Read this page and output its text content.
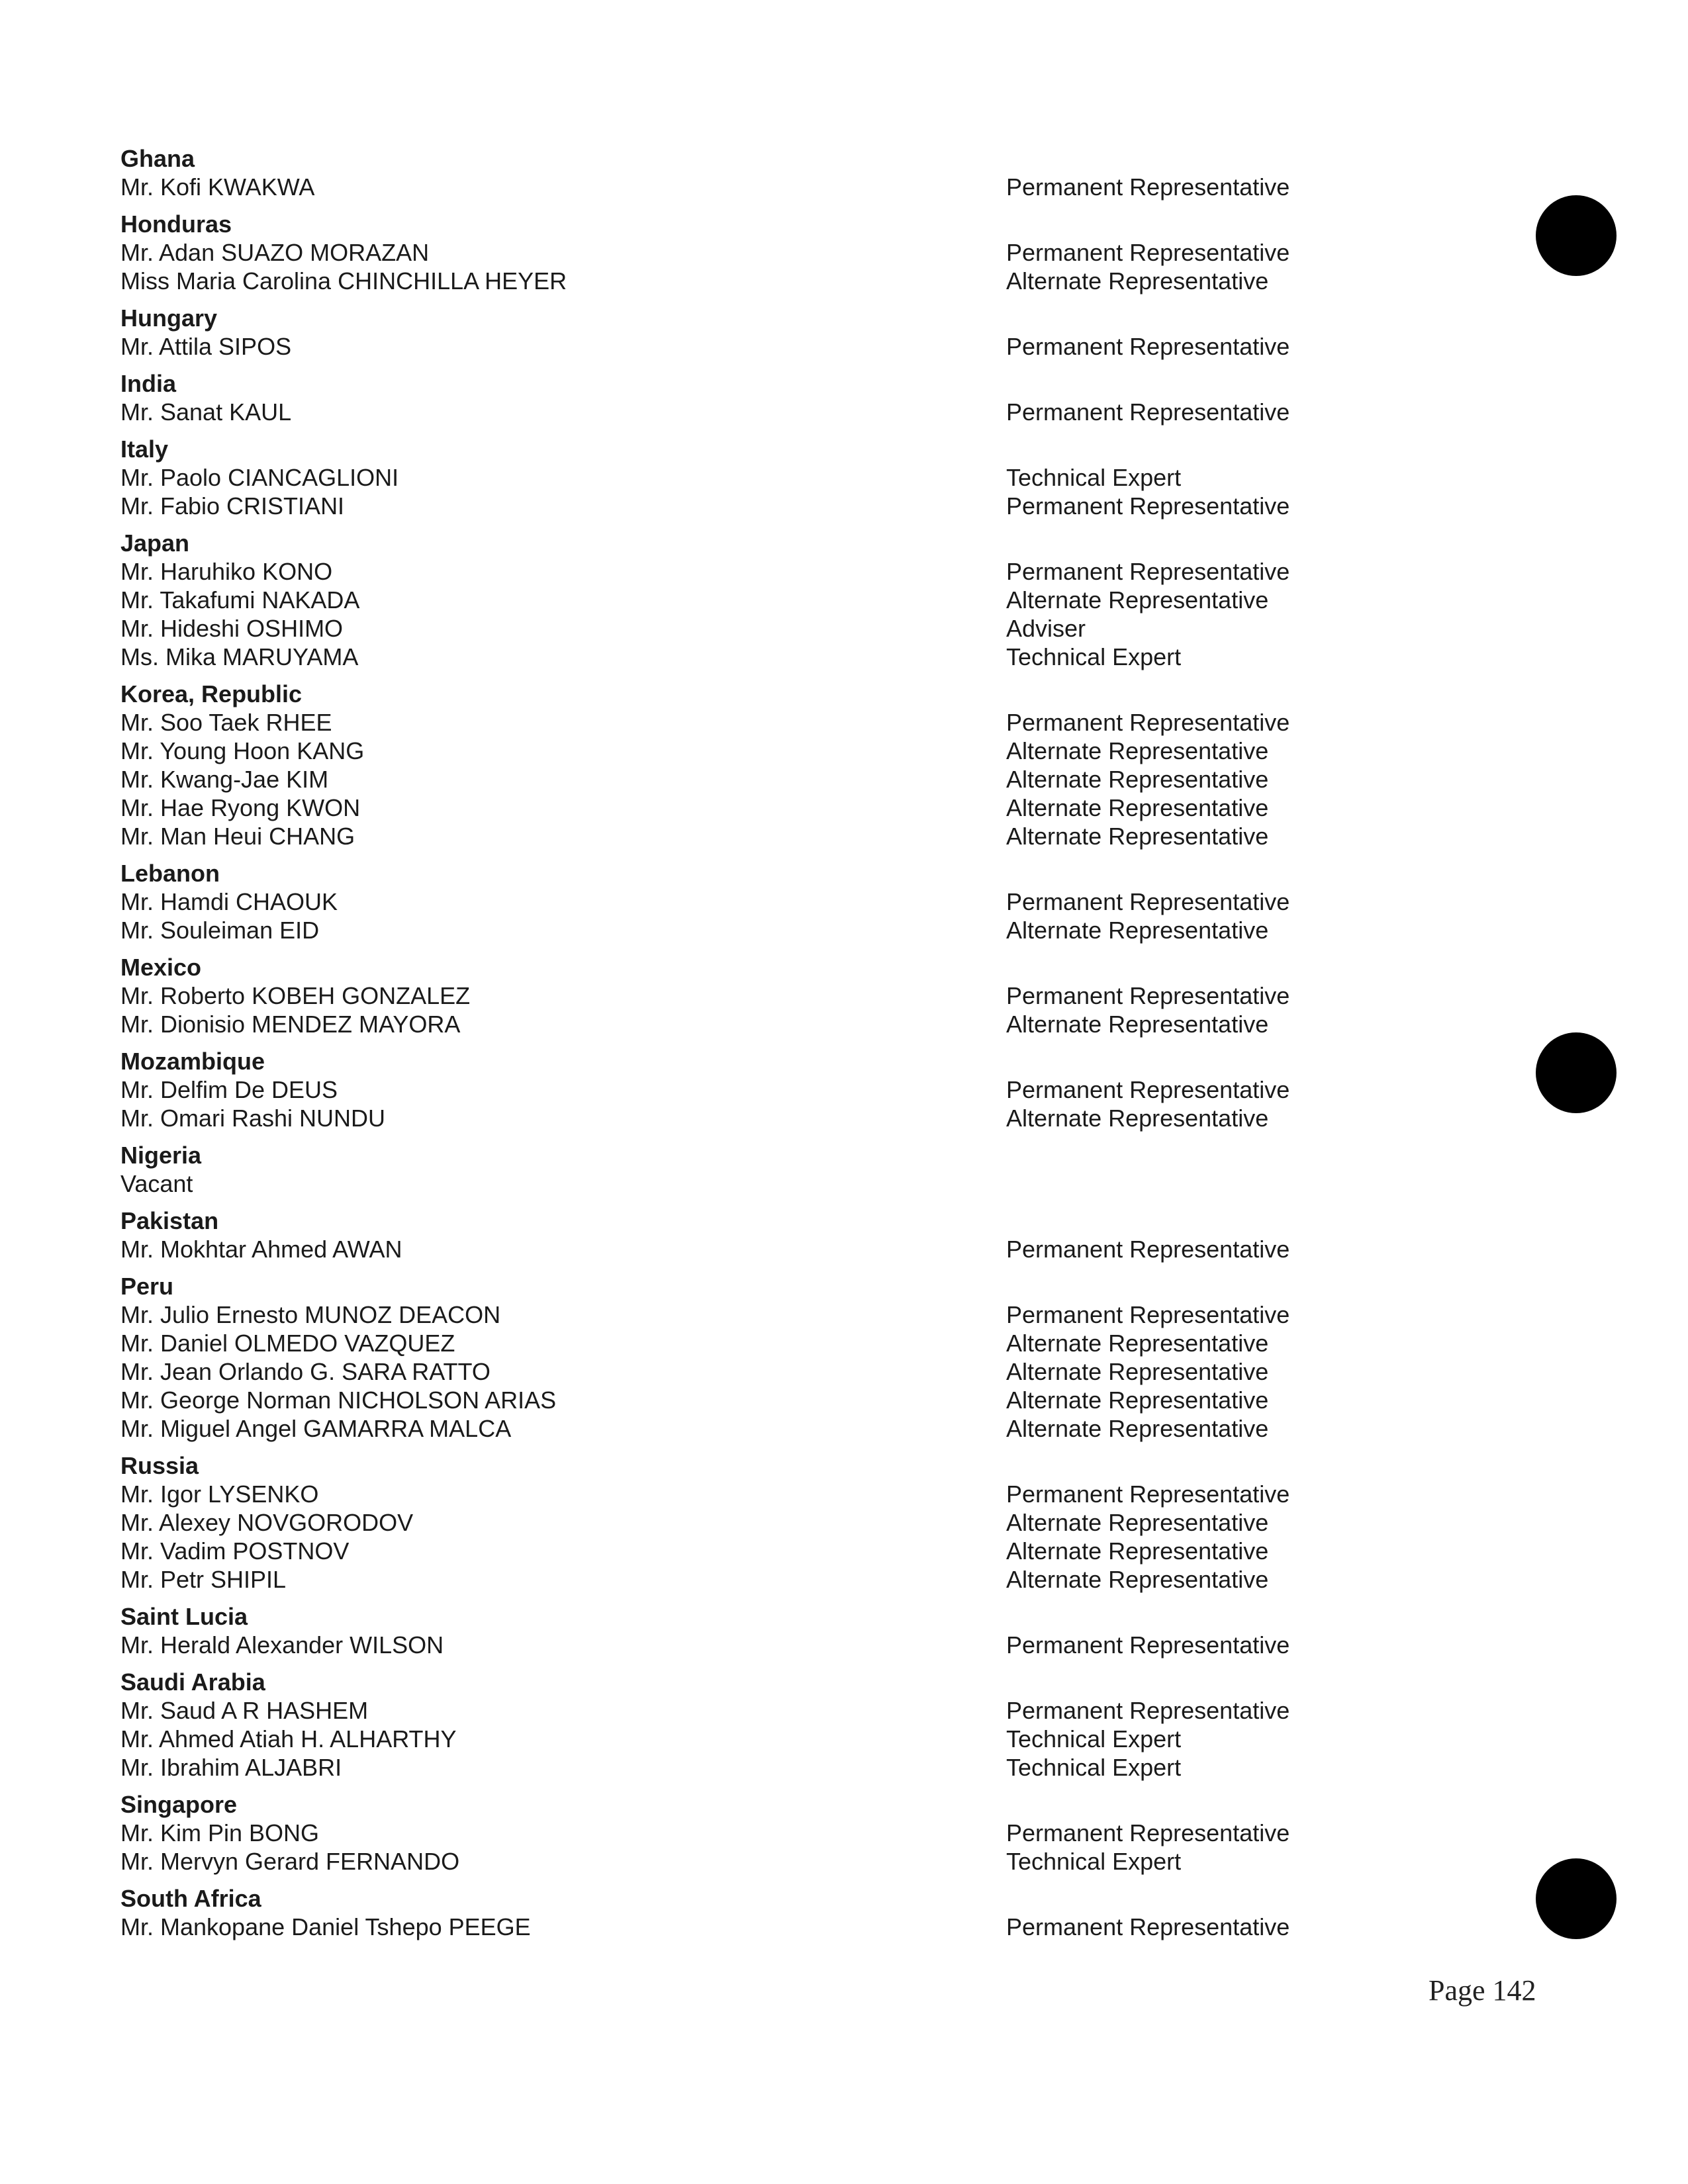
Ghana
Mr. Kofi KWAKWA	Permanent Representative
Honduras
Mr. Adan SUAZO MORAZAN	Permanent Representative
Miss Maria Carolina CHINCHILLA HEYER	Alternate Representative
Hungary
Mr. Attila SIPOS	Permanent Representative
India
Mr. Sanat KAUL	Permanent Representative
Italy
Mr. Paolo CIANCAGLIONI	Technical Expert
Mr. Fabio CRISTIANI	Permanent Representative
Japan
Mr. Haruhiko KONO	Permanent Representative
Mr. Takafumi NAKADA	Alternate Representative
Mr. Hideshi OSHIMO	Adviser
Ms. Mika MARUYAMA	Technical Expert
Korea, Republic
Mr. Soo Taek RHEE	Permanent Representative
Mr. Young Hoon KANG	Alternate Representative
Mr. Kwang-Jae KIM	Alternate Representative
Mr. Hae Ryong KWON	Alternate Representative
Mr. Man Heui CHANG	Alternate Representative
Lebanon
Mr. Hamdi CHAOUK	Permanent Representative
Mr. Souleiman EID	Alternate Representative
Mexico
Mr. Roberto KOBEH GONZALEZ	Permanent Representative
Mr. Dionisio MENDEZ MAYORA	Alternate Representative
Mozambique
Mr. Delfim De DEUS	Permanent Representative
Mr. Omari Rashi NUNDU	Alternate Representative
Nigeria
Vacant
Pakistan
Mr. Mokhtar Ahmed AWAN	Permanent Representative
Peru
Mr. Julio Ernesto MUNOZ DEACON	Permanent Representative
Mr. Daniel OLMEDO VAZQUEZ	Alternate Representative
Mr. Jean Orlando G. SARA RATTO	Alternate Representative
Mr. George Norman NICHOLSON ARIAS	Alternate Representative
Mr. Miguel Angel GAMARRA MALCA	Alternate Representative
Russia
Mr. Igor LYSENKO	Permanent Representative
Mr. Alexey NOVGORODOV	Alternate Representative
Mr. Vadim POSTNOV	Alternate Representative
Mr. Petr SHIPIL	Alternate Representative
Saint Lucia
Mr. Herald Alexander WILSON	Permanent Representative
Saudi Arabia
Mr. Saud A R HASHEM	Permanent Representative
Mr. Ahmed Atiah H. ALHARTHY	Technical Expert
Mr. Ibrahim ALJABRI	Technical Expert
Singapore
Mr. Kim Pin BONG	Permanent Representative
Mr. Mervyn Gerard FERNANDO	Technical Expert
South Africa
Mr. Mankopane Daniel Tshepo PEEGE	Permanent Representative
Page 142
